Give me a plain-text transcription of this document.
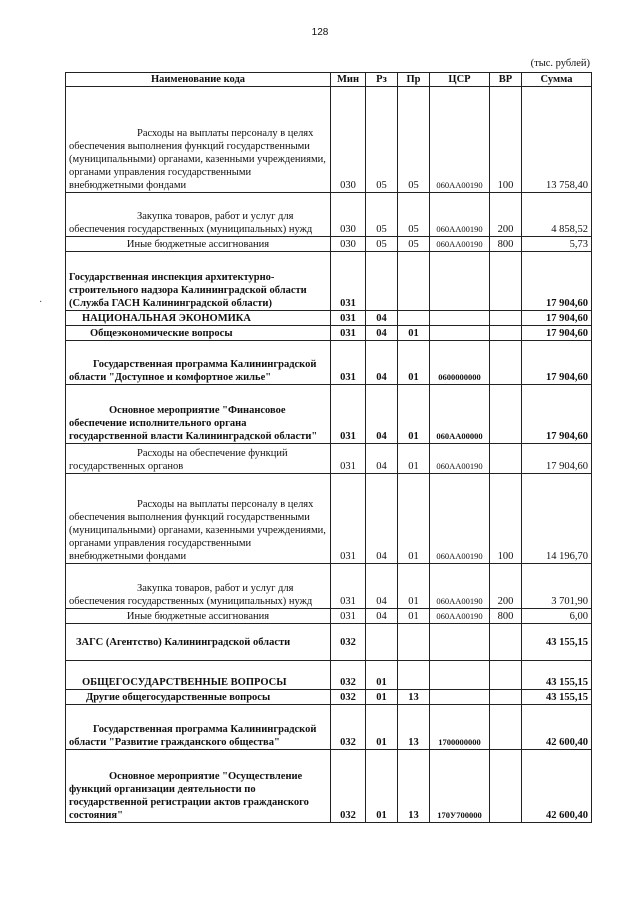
128
(тыс. рублей)
·
Наименование кода	Мин	Рз	Пр	ЦСР	ВР	Сумма
Расходы на выплаты персоналу в целях обеспечения выполнения функций государственными (муниципальными) органами, казенными учреждениями, органами управления государственными внебюджетными фондами	030	05	05	060АА00190	100	13 758,40
Закупка товаров, работ и услуг для обеспечения государственных (муниципальных) нужд	030	05	05	060АА00190	200	4 858,52
Иные бюджетные ассигнования	030	05	05	060АА00190	800	5,73
Государственная инспекция архитектурно-строительного надзора Калининградской области (Служба ГАСН Калининградской области)	031					17 904,60
НАЦИОНАЛЬНАЯ ЭКОНОМИКА	031	04				17 904,60
Общеэкономические вопросы	031	04	01			17 904,60
Государственная программа Калининградской области "Доступное и комфортное жилье"	031	04	01	0600000000		17 904,60
Основное мероприятие "Финансовое обеспечение исполнительного органа государственной власти Калининградской области"	031	04	01	060АА00000		17 904,60
Расходы на обеспечение функций государственных органов	031	04	01	060АА00190		17 904,60
Расходы на выплаты персоналу в целях обеспечения выполнения функций государственными (муниципальными) органами, казенными учреждениями, органами управления государственными внебюджетными фондами	031	04	01	060АА00190	100	14 196,70
Закупка товаров, работ и услуг для обеспечения государственных (муниципальных) нужд	031	04	01	060АА00190	200	3 701,90
Иные бюджетные ассигнования	031	04	01	060АА00190	800	6,00
ЗАГС (Агентство) Калининградской области	032					43 155,15
ОБЩЕГОСУДАРСТВЕННЫЕ ВОПРОСЫ	032	01				43 155,15
Другие общегосударственные вопросы	032	01	13			43 155,15
Государственная программа Калининградской области "Развитие гражданского общества"	032	01	13	1700000000		42 600,40
Основное мероприятие "Осуществление функций организации деятельности по государственной регистрации актов гражданского состояния"	032	01	13	170У700000		42 600,40
